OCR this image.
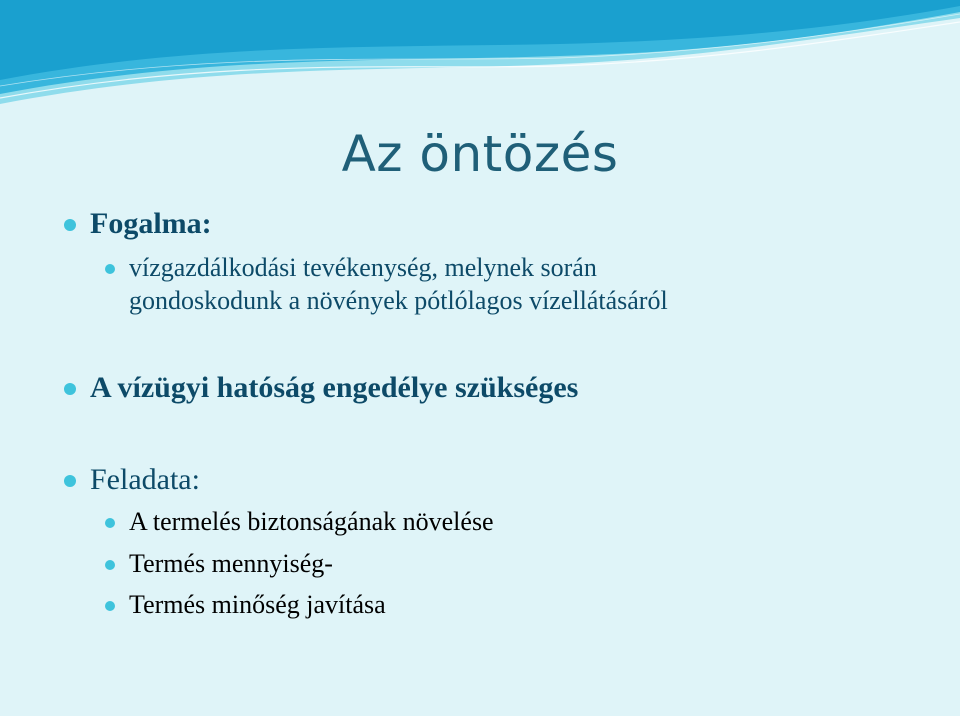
Az öntözés
Fogalma:
vízgazdálkodási tevékenység, melynek során
gondoskodunk a növények pótlólagos vízellátásáról
A vízügyi hatóság engedélye szükséges
Feladata:
A termelés biztonságának növelése
Termés mennyiség-
Termés minőség javítása
